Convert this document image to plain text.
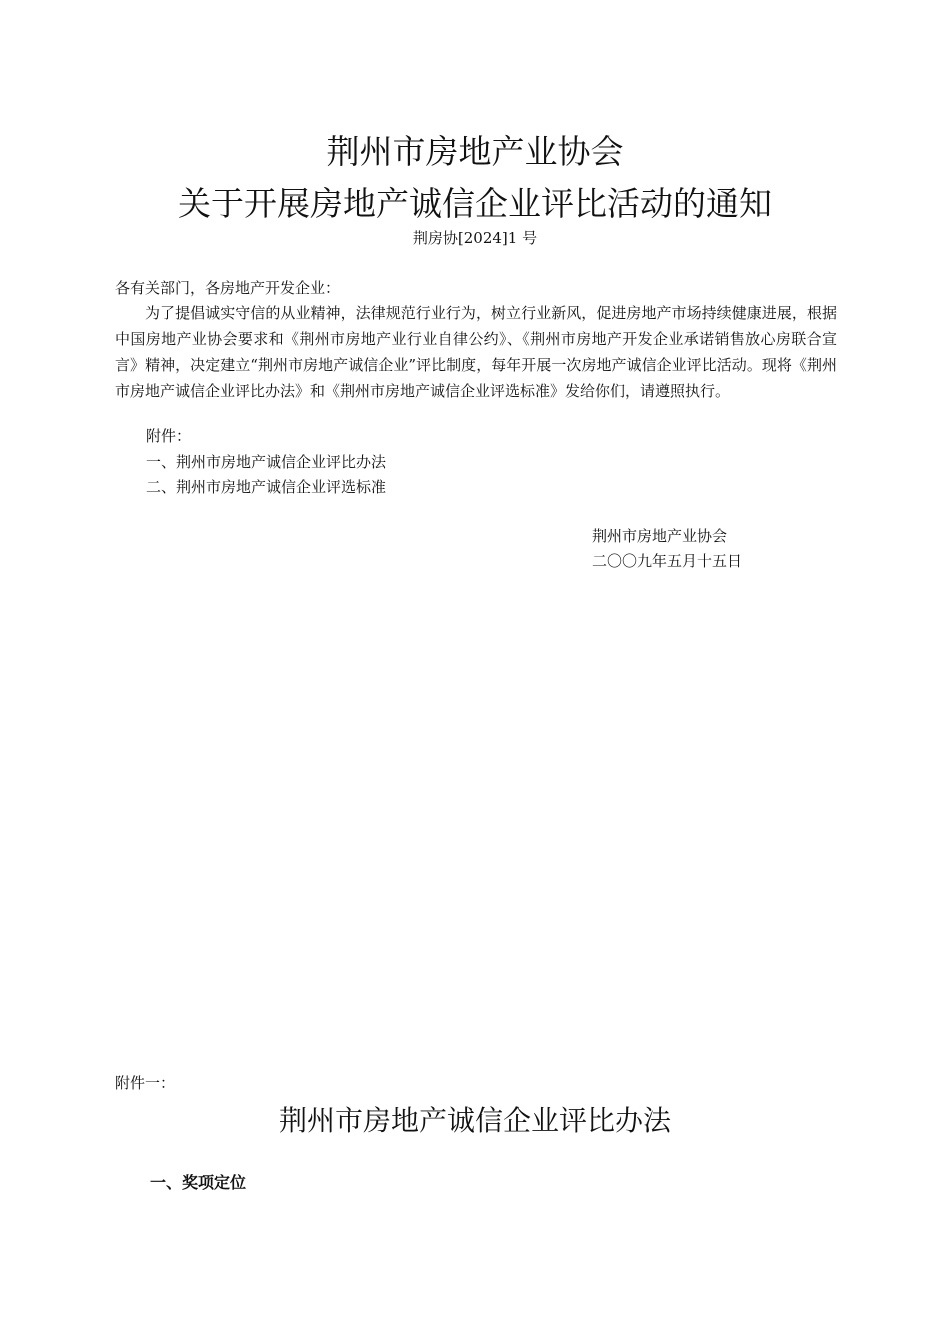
荆州市房地产业协会
关于开展房地产诚信企业评比活动的通知
荆房协[2024]1 号
各有关部门，各房地产开发企业：

为了提倡诚实守信的从业精神，法律规范行业行为，树立行业新风，促进房地产市场持续健康进展，根据中国房地产业协会要求和《荆州市房地产业行业自律公约》、《荆州市房地产开发企业承诺销售放心房联合宣言》精神，决定建立“荆州市房地产诚信企业”评比制度，每年开展一次房地产诚信企业评比活动。现将《荆州市房地产诚信企业评比办法》和《荆州市房地产诚信企业评选标准》发给你们，请遵照执行。

附件：
一、荆州市房地产诚信企业评比办法
二、荆州市房地产诚信企业评选标准
荆州市房地产业协会
二〇〇九年五月十五日
附件一：
荆州市房地产诚信企业评比办法
一、奖项定位
